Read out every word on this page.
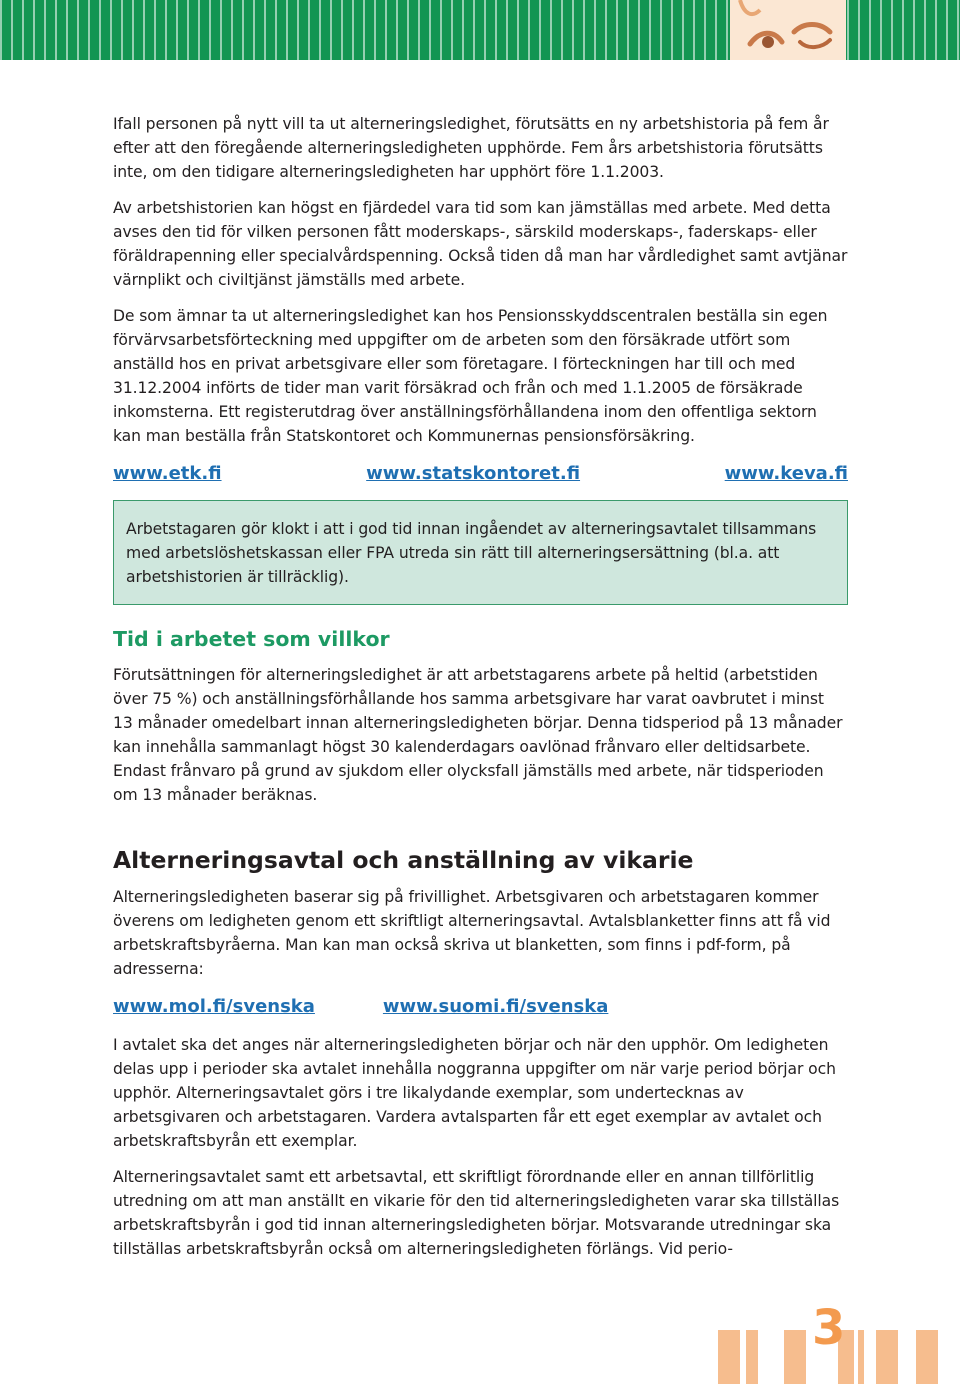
Ifall personen på nytt vill ta ut alterneringsledighet, förutsätts en ny arbetshistoria på fem år efter att den föregående alterneringsledigheten upphörde. Fem års arbetshistoria förutsätts inte, om den tidigare alterneringsledigheten har upphört före 1.1.2003.

Av arbetshistorien kan högst en fjärdedel vara tid som kan jämställas med arbete. Med detta avses den tid för vilken personen fått moderskaps-, särskild moderskaps-, faderskaps- eller föräldrapenning eller specialvårdspenning. Också tiden då man har vårdledighet samt avtjänar värnplikt och civiltjänst jämställs med arbete.

De som ämnar ta ut alterneringsledighet kan hos Pensionsskyddscentralen beställa sin egen förvärvsarbetsförteckning med uppgifter om de arbeten som den försäkrade utfört som anställd hos en privat arbetsgivare eller som företagare. I förteckningen har till och med 31.12.2004 införts de tider man varit försäkrad och från och med 1.1.2005 de försäkrade inkomsterna. Ett registerutdrag över anställningsförhållandena inom den offentliga sektorn kan man beställa från Statskontoret och Kommunernas pensionsförsäkring.

www.etk.fi	www.statskontoret.fi	www.keva.fi

Arbetstagaren gör klokt i att i god tid innan ingåendet av alterneringsavtalet tillsammans med arbetslöshetskassan eller FPA utreda sin rätt till alterneringsersättning (bl.a. att arbetshistorien är tillräcklig).

Tid i arbetet som villkor

Förutsättningen för alterneringsledighet är att arbetstagarens arbete på heltid (arbetstiden över 75 %) och anställningsförhållande hos samma arbetsgivare har varat oavbrutet i minst 13 månader omedelbart innan alterneringsledigheten börjar. Denna tidsperiod på 13 månader kan innehålla sammanlagt högst 30 kalenderdagars oavlönad frånvaro eller deltidsarbete. Endast frånvaro på grund av sjukdom eller olycksfall jämställs med arbete, när tidsperioden om 13 månader beräknas.

Alterneringsavtal och anställning av vikarie

Alterneringsledigheten baserar sig på frivillighet. Arbetsgivaren och arbetstagaren kommer överens om ledigheten genom ett skriftligt alterneringsavtal. Avtalsblanketter finns att få vid arbetskraftsbyråerna. Man kan man också skriva ut blanketten, som finns i pdf-form, på adresserna:

www.mol.fi/svenska	www.suomi.fi/svenska

I avtalet ska det anges när alterneringsledigheten börjar och när den upphör. Om ledigheten delas upp i perioder ska avtalet innehålla noggranna uppgifter om när varje period börjar och upphör. Alterneringsavtalet görs i tre likalydande exemplar, som undertecknas av arbetsgivaren och arbetstagaren. Vardera avtalsparten får ett eget exemplar av avtalet och arbetskraftsbyrån ett exemplar.

Alterneringsavtalet samt ett arbetsavtal, ett skriftligt förordnande eller en annan tillförlitlig utredning om att man anställt en vikarie för den tid alterneringsledigheten varar ska tillställas arbetskraftsbyrån i god tid innan alterneringsledigheten börjar. Motsvarande utredningar ska tillställas arbetskraftsbyrån också om alterneringsledigheten förlängs. Vid perio-

3
